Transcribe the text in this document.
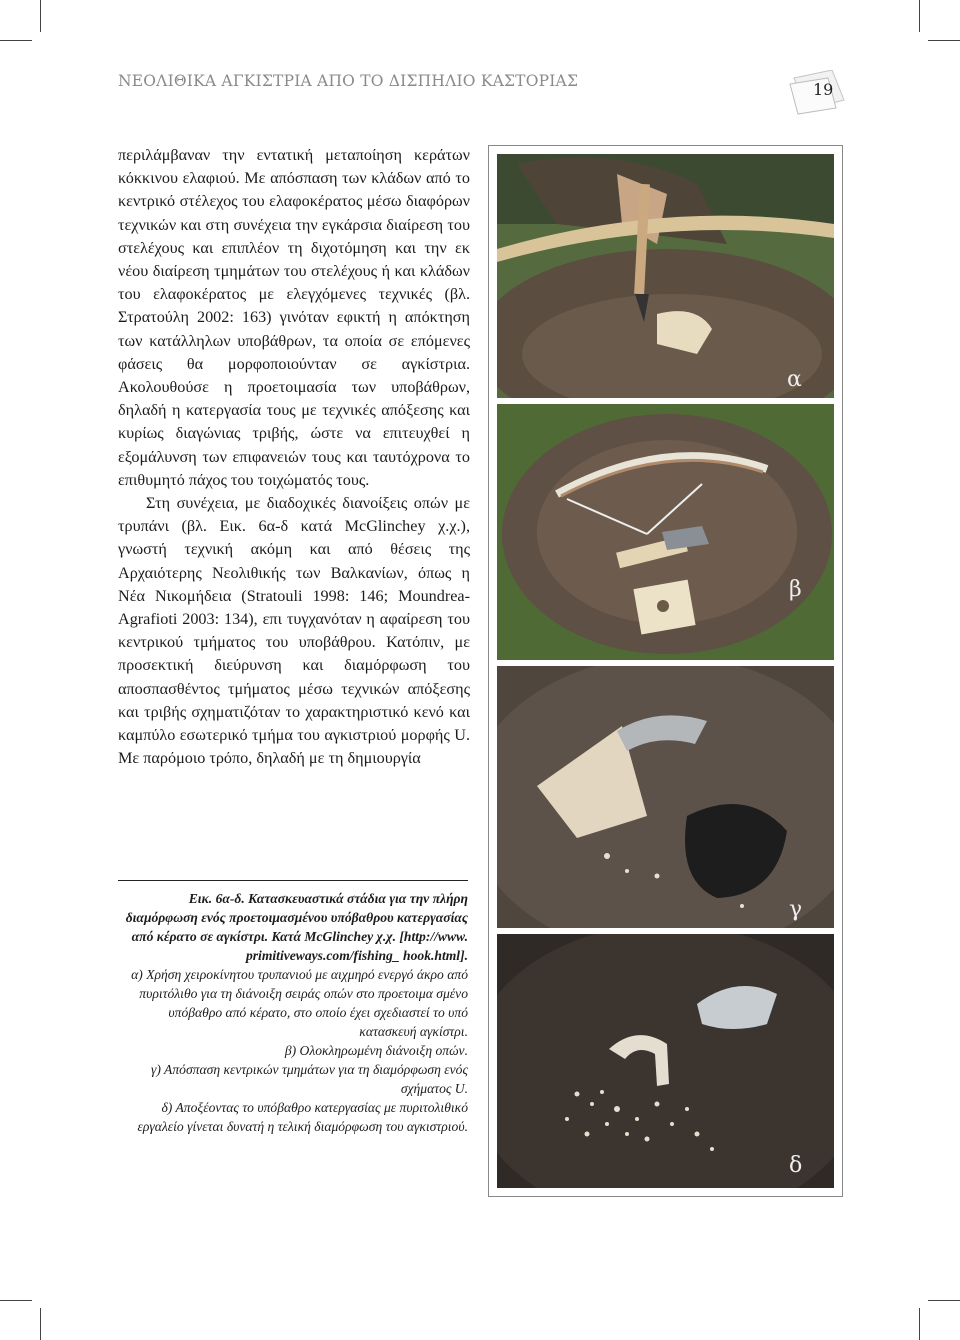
ΝΕΟΛΙΘΙΚΑ ΑΓΚΙΣΤΡΙΑ ΑΠΟ ΤΟ ΔΙΣΠΗΛΙΟ ΚΑΣΤΟΡΙΑΣ	19

περιλάμβαναν την εντατική μεταποίηση κεράτων κόκκινου ελαφιού. Με απόσπαση των κλάδων από το κεντρικό στέλεχος του ελαφοκέρατος μέσω διαφόρων τεχνικών και στη συνέχεια την εγκάρσια διαίρεση του στελέχους και επιπλέον τη διχοτόμηση και την εκ νέου διαίρεση τμημάτων του στελέχους ή και κλάδων του ελαφοκέρατος με ελεγχόμενες τεχνικές (βλ. Στρατούλη 2002: 163) γινόταν εφικτή η απόκτηση των κατάλληλων υποβάθρων, τα οποία σε επόμενες φάσεις θα μορφοποιούνταν σε αγκίστρια. Ακολουθούσε η προετοιμασία των υποβάθρων, δηλαδή η κατεργασία τους με τεχνικές απόξεσης και κυρίως διαγώνιας τριβής, ώστε να επιτευχθεί η εξομάλυνση των επιφανειών τους και ταυτόχρονα το επιθυμητό πάχος του τοιχώματός τους.

Στη συνέχεια, με διαδοχικές διανοίξεις οπών με τρυπάνι (βλ. Εικ. 6α-δ κατά McGlinchey χ.χ.), γνωστή τεχνική ακόμη και από θέσεις της Αρχαιότερης Νεολιθικής των Βαλκανίων, όπως η Νέα Νικομήδεια (Stratouli 1998: 146; Moundrea-Agrafioti 2003: 134), επι τυγχανόταν η αφαίρεση του κεντρικού τμήματος του υποβάθρου. Κατόπιν, με προσεκτική διεύρυνση και διαμόρφωση του αποσπασθέντος τμήματος μέσω τεχνικών απόξεσης και τριβής σχηματιζόταν το χαρακτηριστικό κενό και καμπύλο εσωτερικό τμήμα του αγκιστριού μορφής U. Με παρόμοιο τρόπο, δηλαδή με τη δημιουργία

Εικ. 6α-δ. Κατασκευαστικά στάδια για την πλήρη διαμόρφωση ενός προετοιμασμένου υπόβαθρου κατεργασίας από κέρατο σε αγκίστρι. Κατά McGlinchey χ.χ. [http://www. primitiveways.com/fishing_ hook.html].

α) Χρήση χειροκίνητου τρυπανιού με αιχμηρό ενεργό άκρο από πυριτόλιθο για τη διάνοιξη σειράς οπών στο προετοιμα σμένο υπόβαθρο από κέρατο, στο οποίο έχει σχεδιαστεί το υπό κατασκευή αγκίστρι.

β) Ολοκληρωμένη διάνοιξη οπών.

γ) Απόσπαση κεντρικών τμημάτων για τη διαμόρφωση ενός σχήματος U.

δ) Αποξέοντας το υπόβαθρο κατεργασίας με πυριτολιθικό εργαλείο γίνεται δυνατή η τελική διαμόρφωση του αγκιστριού.

α
β
γ
δ
